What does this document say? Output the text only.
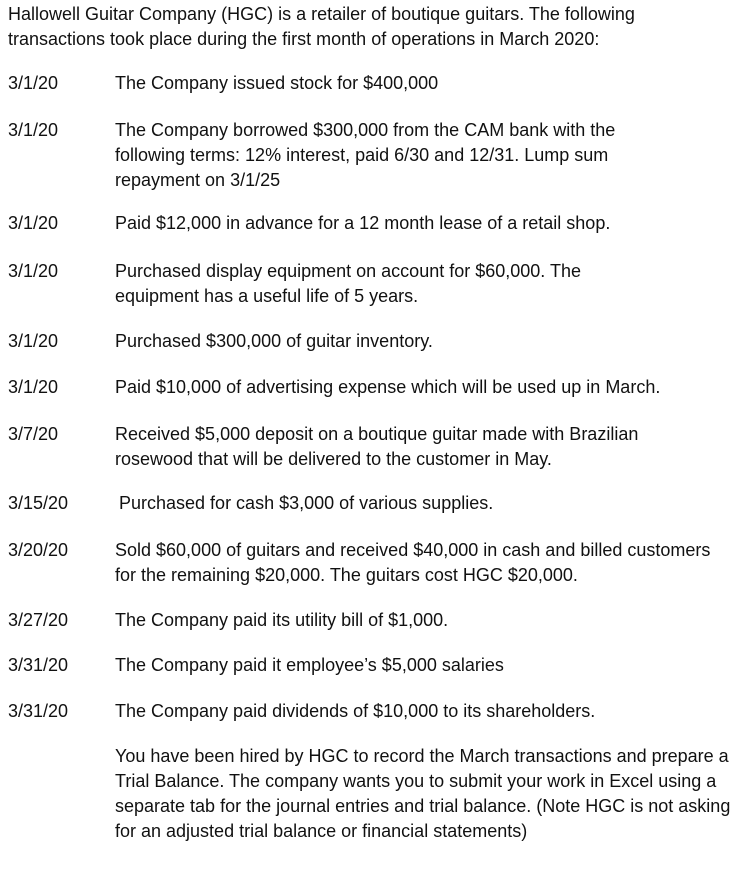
Hallowell Guitar Company (HGC) is a retailer of boutique guitars. The following transactions took place during the first month of operations in March 2020:
3/1/20	The Company issued stock for $400,000
3/1/20	The Company borrowed $300,000 from the CAM bank with the following terms: 12% interest, paid 6/30 and 12/31. Lump sum repayment on 3/1/25
3/1/20	Paid $12,000 in advance for a 12 month lease of a retail shop.
3/1/20	Purchased display equipment on account for $60,000. The equipment has a useful life of 5 years.
3/1/20	Purchased $300,000 of guitar inventory.
3/1/20	Paid $10,000 of advertising expense which will be used up in March.
3/7/20	Received $5,000 deposit on a boutique guitar made with Brazilian rosewood that will be delivered to the customer in May.
3/15/20	Purchased for cash $3,000 of various supplies.
3/20/20	Sold $60,000 of guitars and received $40,000 in cash and billed customers for the remaining $20,000. The guitars cost HGC $20,000.
3/27/20	The Company paid its utility bill of $1,000.
3/31/20	The Company paid it employee’s $5,000 salaries
3/31/20	The Company paid dividends of $10,000 to its shareholders.
You have been hired by HGC to record the March transactions and prepare a Trial Balance. The company wants you to submit your work in Excel using a separate tab for the journal entries and trial balance. (Note HGC is not asking for an adjusted trial balance or financial statements)
